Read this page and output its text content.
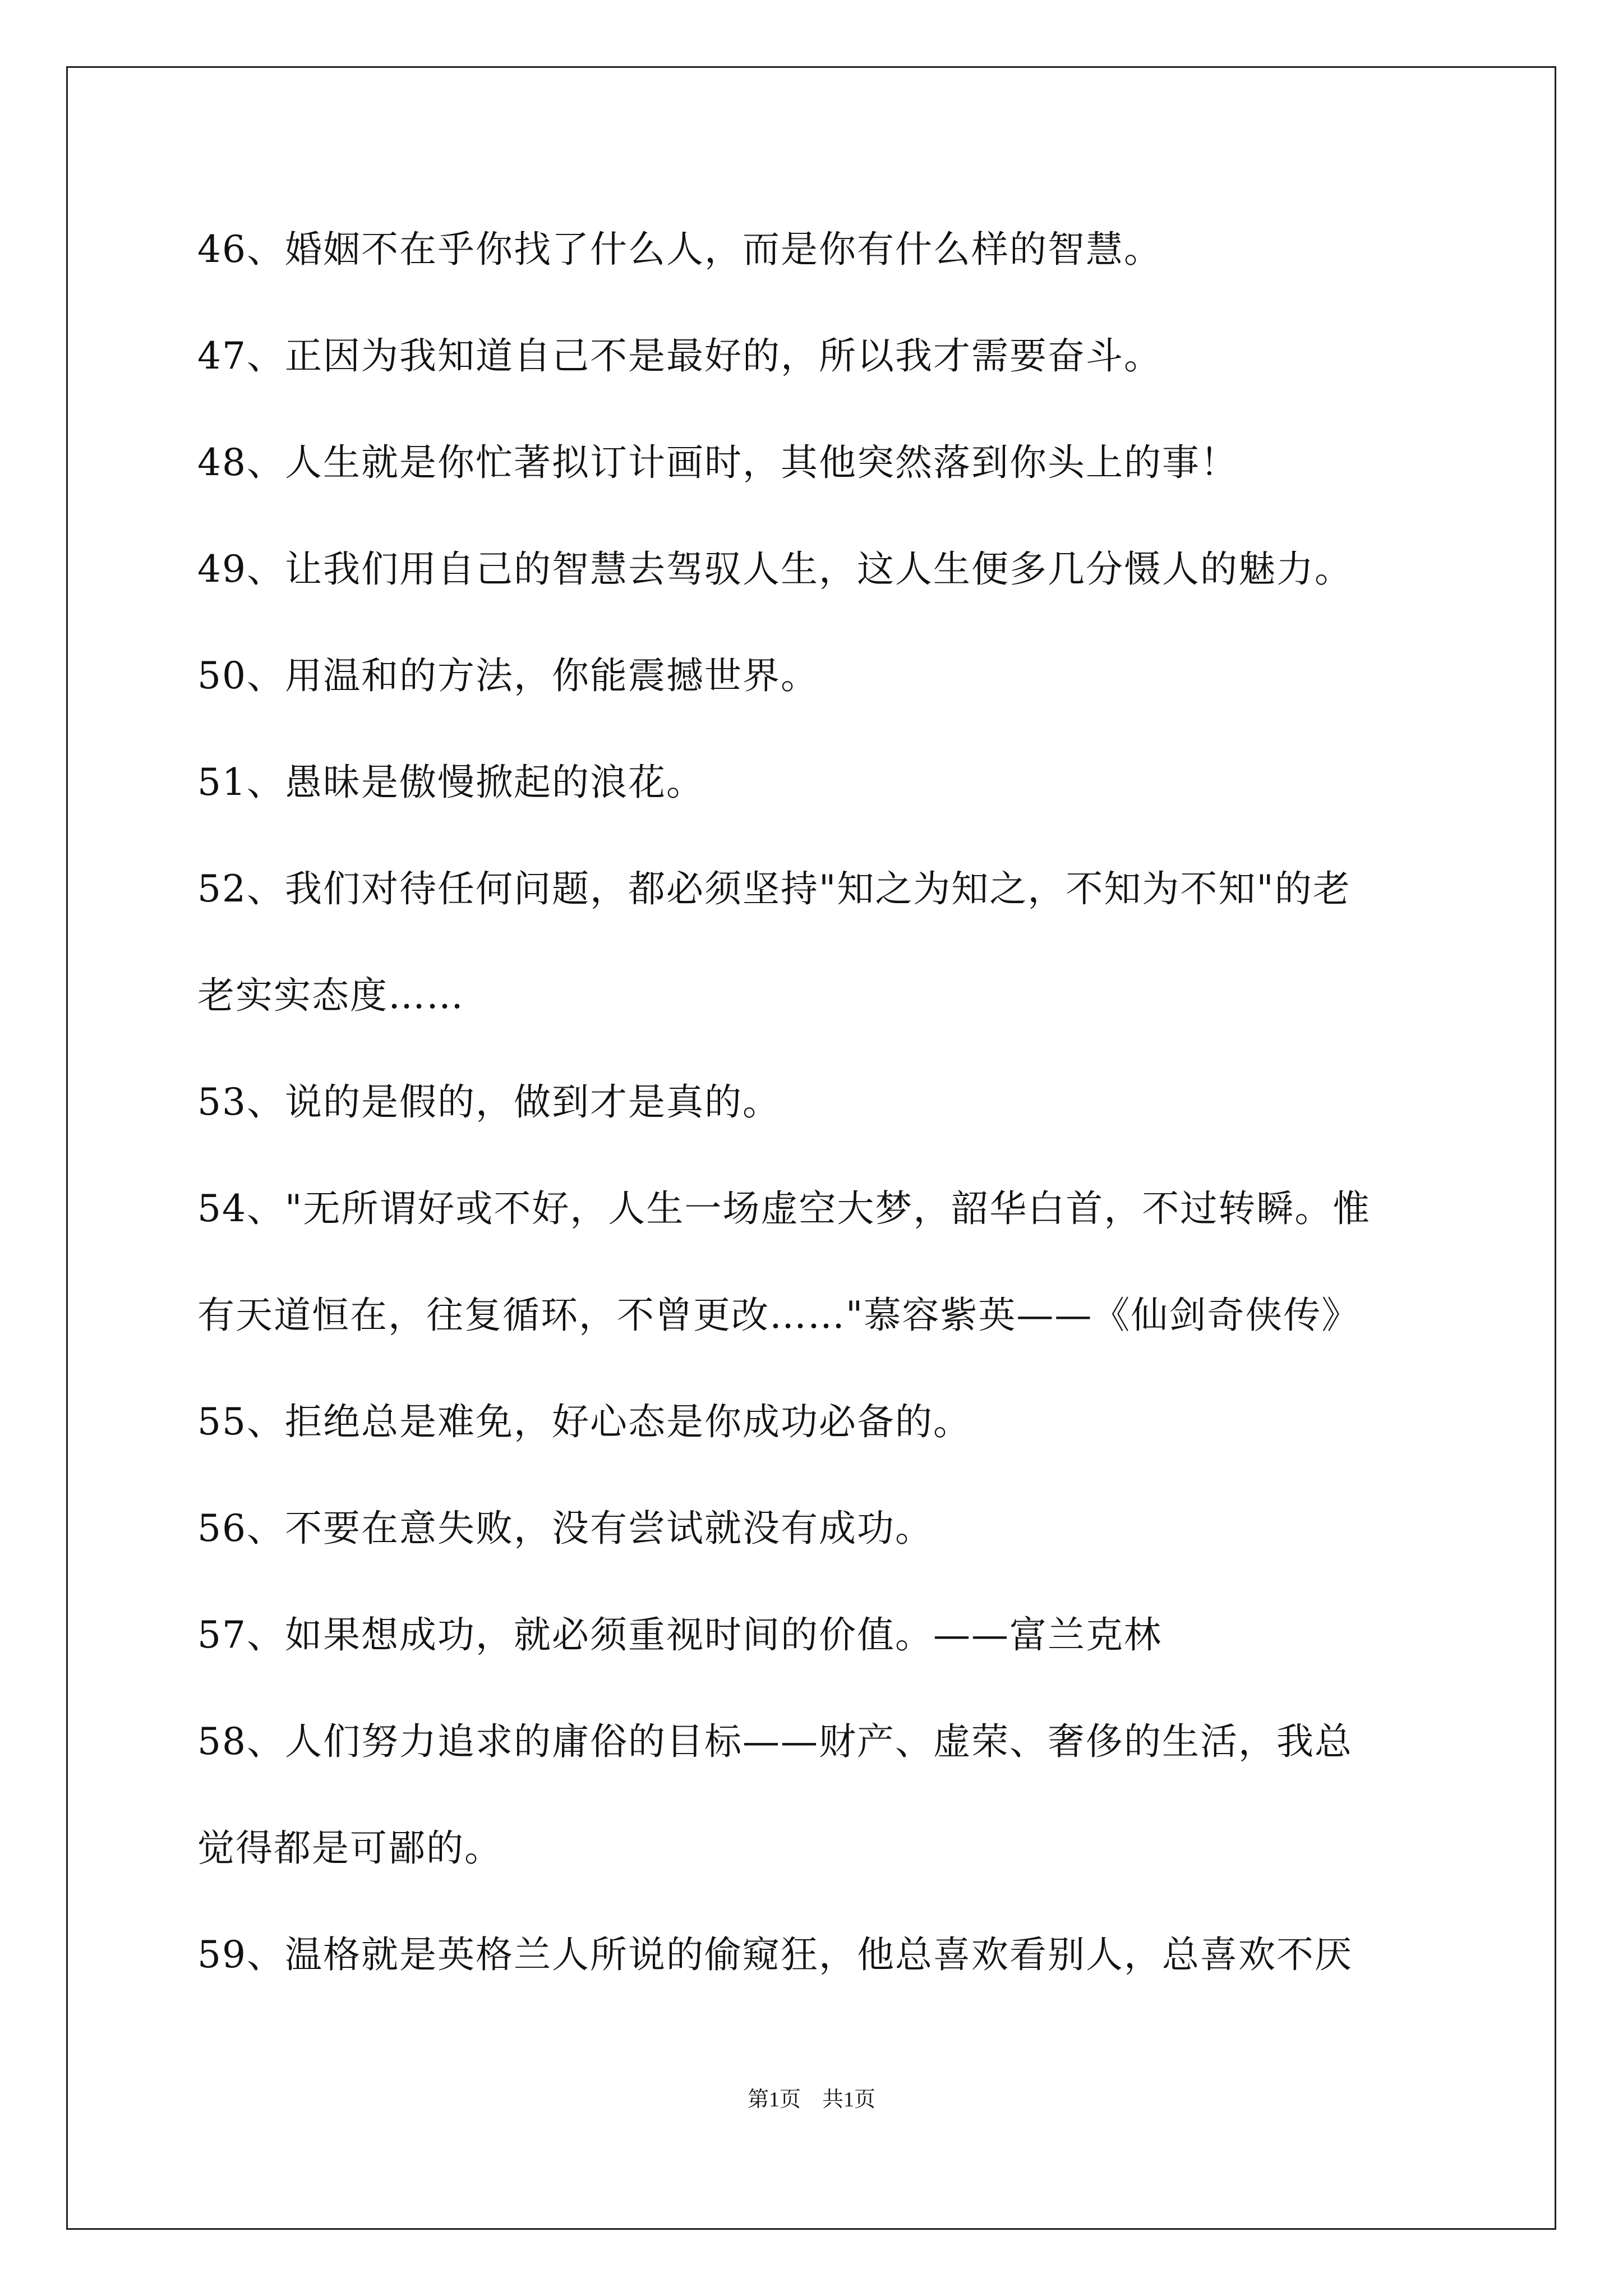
46、婚姻不在乎你找了什么人，而是你有什么样的智慧。
47、正因为我知道自己不是最好的，所以我才需要奋斗。
48、人生就是你忙著拟订计画时，其他突然落到你头上的事！
49、让我们用自己的智慧去驾驭人生，这人生便多几分慑人的魅力。
50、用温和的方法，你能震撼世界。
51、愚昧是傲慢掀起的浪花。
52、我们对待任何问题，都必须坚持"知之为知之，不知为不知"的老
老实实态度……
53、说的是假的，做到才是真的。
54、"无所谓好或不好，人生一场虚空大梦，韶华白首，不过转瞬。惟
有天道恒在，往复循环，不曾更改……"慕容紫英——《仙剑奇侠传》
55、拒绝总是难免，好心态是你成功必备的。
56、不要在意失败，没有尝试就没有成功。
57、如果想成功，就必须重视时间的价值。——富兰克林
58、人们努力追求的庸俗的目标——财产、虚荣、奢侈的生活，我总
觉得都是可鄙的。
59、温格就是英格兰人所说的偷窥狂，他总喜欢看别人，总喜欢不厌
第1页　共1页
